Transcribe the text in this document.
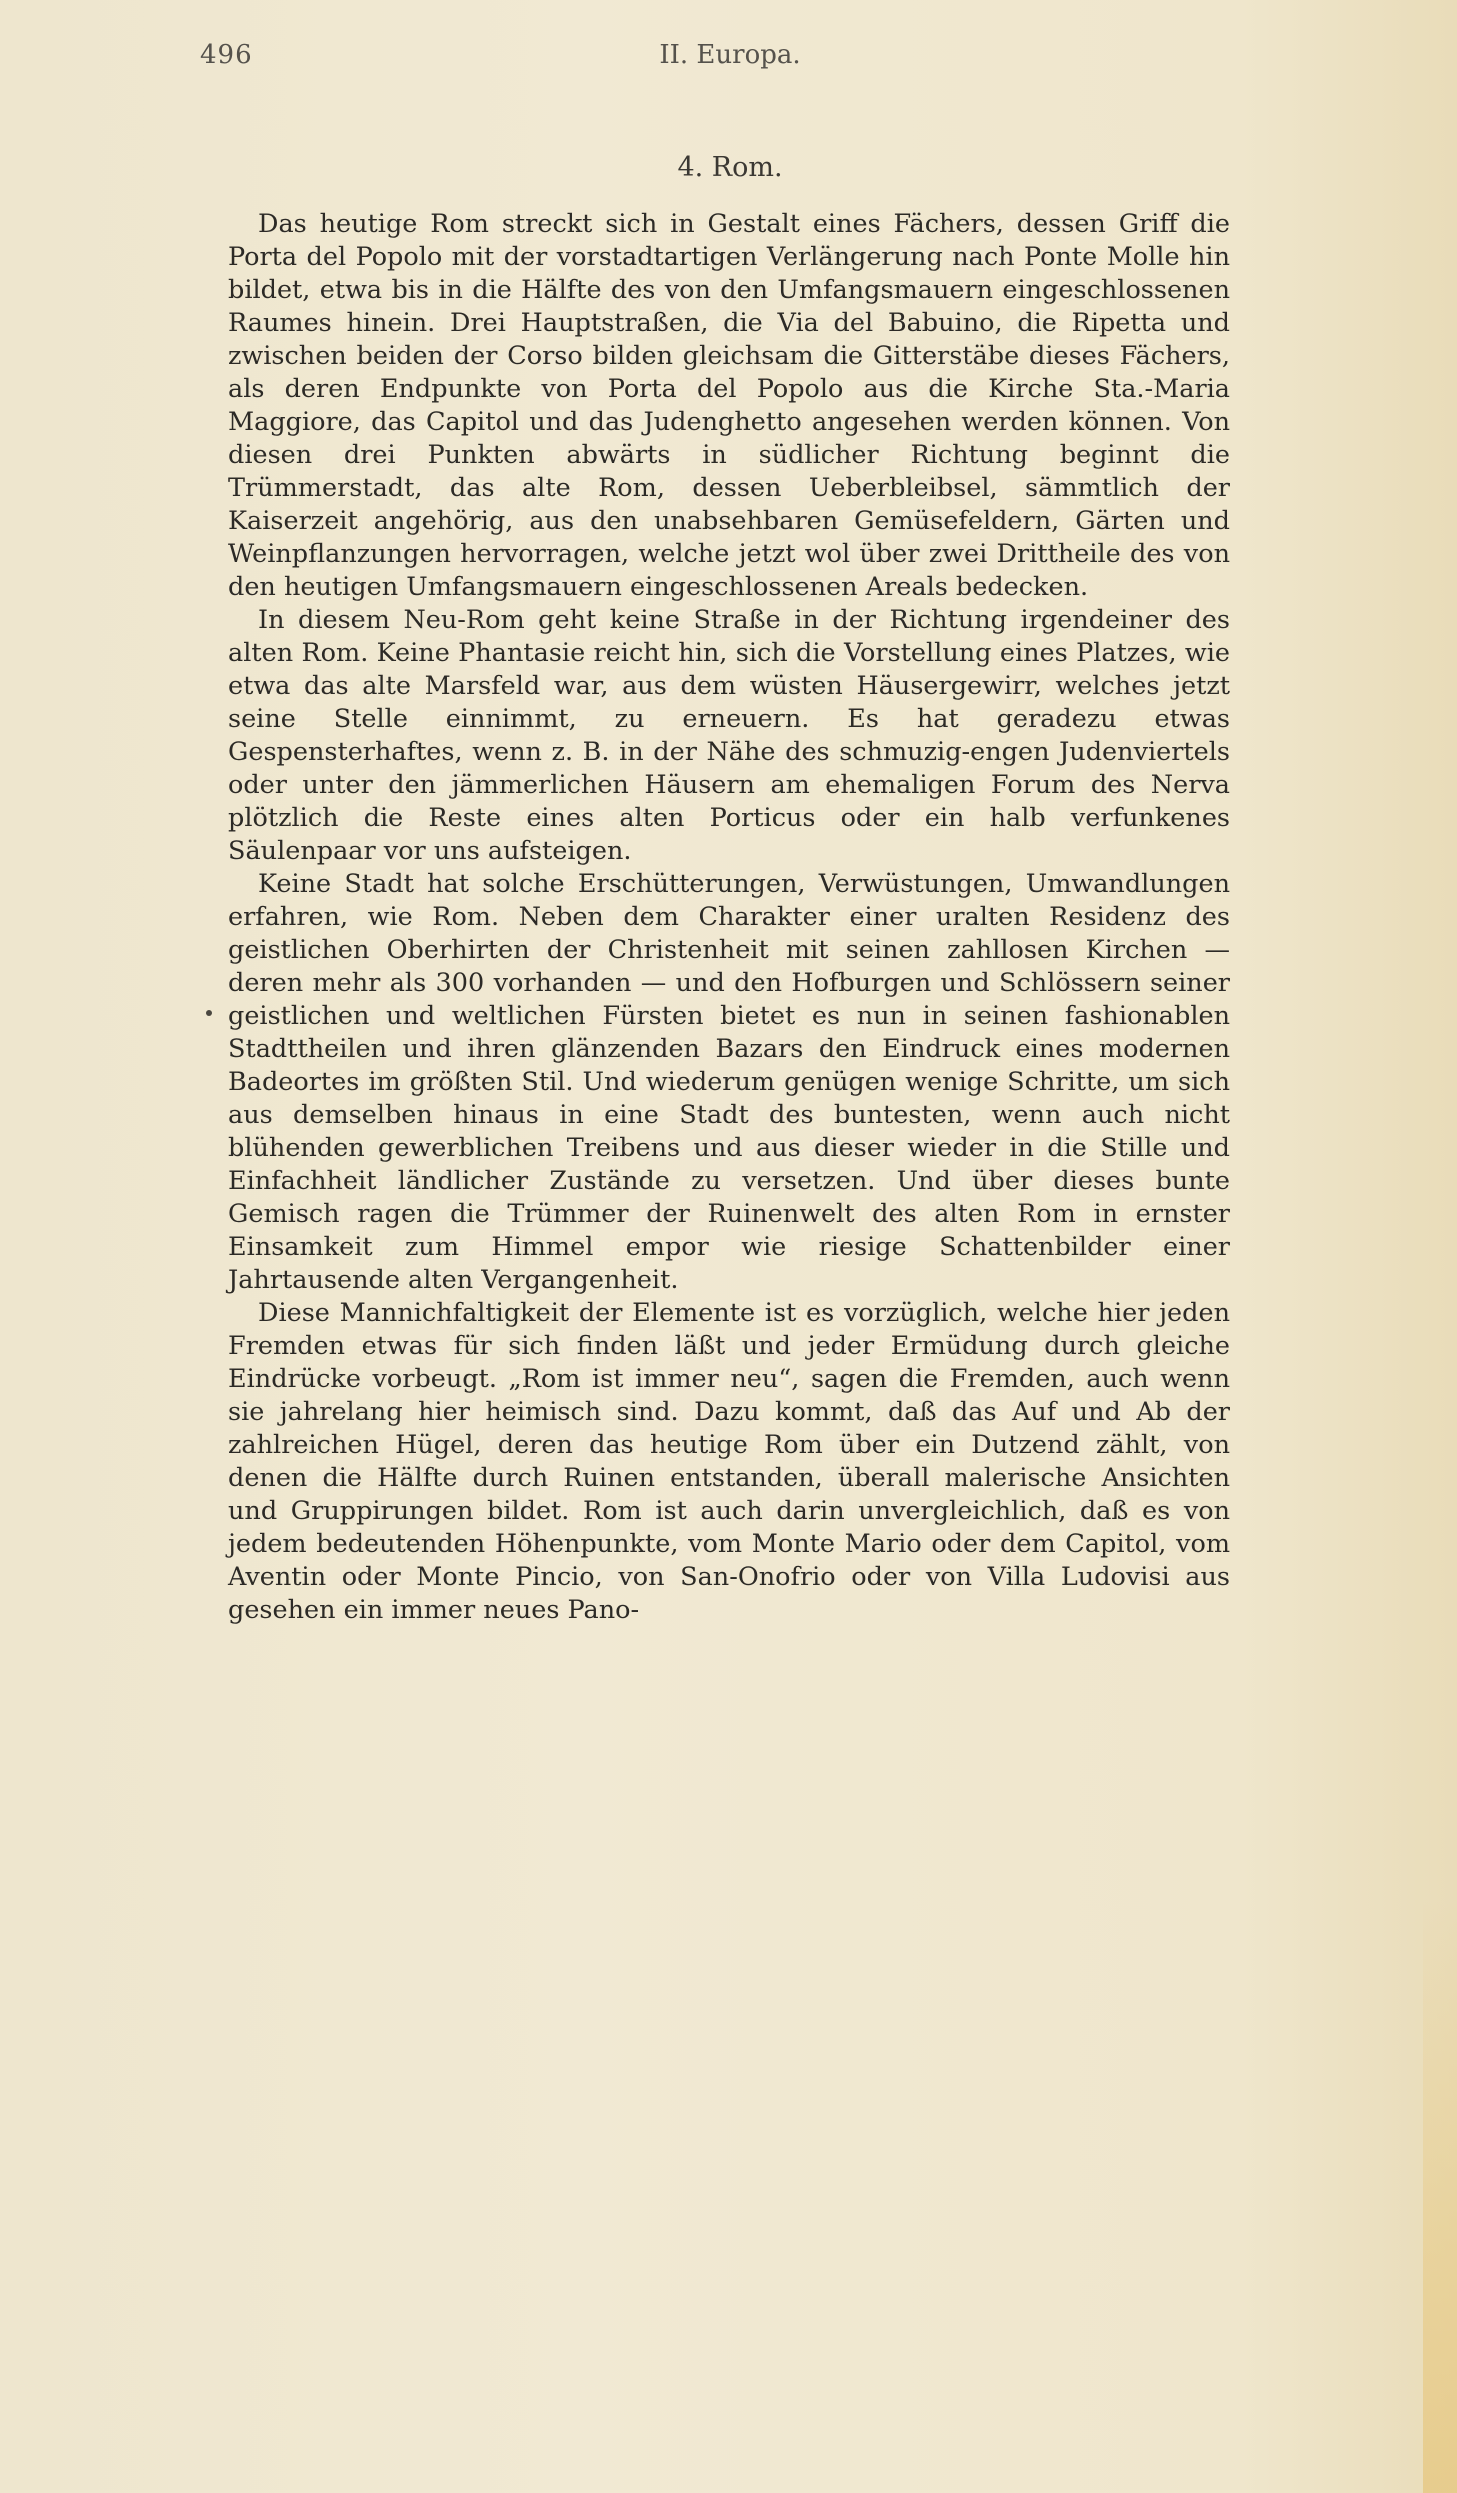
496	II. Europa.
4. Rom.

Das heutige Rom streckt sich in Gestalt eines Fächers, dessen Griff die Porta del Popolo mit der vorstadtartigen Verlängerung nach Ponte Molle hin bildet, etwa bis in die Hälfte des von den Umfangsmauern eingeschlossenen Raumes hinein. Drei Hauptstraßen, die Via del Babuino, die Ripetta und zwischen beiden der Corso bilden gleichsam die Gitterstäbe dieses Fächers, als deren Endpunkte von Porta del Popolo aus die Kirche Sta.-Maria Maggiore, das Capitol und das Judenghetto angesehen werden können. Von diesen drei Punkten abwärts in südlicher Richtung beginnt die Trümmerstadt, das alte Rom, dessen Ueberbleibsel, sämmtlich der Kaiserzeit angehörig, aus den unabsehbaren Gemüsefeldern, Gärten und Weinpflanzungen hervorragen, welche jetzt wol über zwei Drittheile des von den heutigen Umfangsmauern eingeschlossenen Areals bedecken.

In diesem Neu-Rom geht keine Straße in der Richtung irgendeiner des alten Rom. Keine Phantasie reicht hin, sich die Vorstellung eines Platzes, wie etwa das alte Marsfeld war, aus dem wüsten Häusergewirr, welches jetzt seine Stelle einnimmt, zu erneuern. Es hat geradezu etwas Gespensterhaftes, wenn z. B. in der Nähe des schmuzig-engen Judenviertels oder unter den jämmerlichen Häusern am ehemaligen Forum des Nerva plötzlich die Reste eines alten Porticus oder ein halb verfunkenes Säulenpaar vor uns aufsteigen.

Keine Stadt hat solche Erschütterungen, Verwüstungen, Umwandlungen erfahren, wie Rom. Neben dem Charakter einer uralten Residenz des geistlichen Oberhirten der Christenheit mit seinen zahllosen Kirchen — deren mehr als 300 vorhanden — und den Hofburgen und Schlössern seiner geistlichen und weltlichen Fürsten bietet es nun in seinen fashionablen Stadttheilen und ihren glänzenden Bazars den Eindruck eines modernen Badeortes im größten Stil. Und wiederum genügen wenige Schritte, um sich aus demselben hinaus in eine Stadt des buntesten, wenn auch nicht blühenden gewerblichen Treibens und aus dieser wieder in die Stille und Einfachheit ländlicher Zustände zu versetzen. Und über dieses bunte Gemisch ragen die Trümmer der Ruinenwelt des alten Rom in ernster Einsamkeit zum Himmel empor wie riesige Schattenbilder einer Jahrtausende alten Vergangenheit.

Diese Mannichfaltigkeit der Elemente ist es vorzüglich, welche hier jeden Fremden etwas für sich finden läßt und jeder Ermüdung durch gleiche Eindrücke vorbeugt. „Rom ist immer neu“, sagen die Fremden, auch wenn sie jahrelang hier heimisch sind. Dazu kommt, daß das Auf und Ab der zahlreichen Hügel, deren das heutige Rom über ein Dutzend zählt, von denen die Hälfte durch Ruinen entstanden, überall malerische Ansichten und Gruppirungen bildet. Rom ist auch darin unvergleichlich, daß es von jedem bedeutenden Höhenpunkte, vom Monte Mario oder dem Capitol, vom Aventin oder Monte Pincio, von San-Onofrio oder von Villa Ludovisi aus gesehen ein immer neues Pano-
